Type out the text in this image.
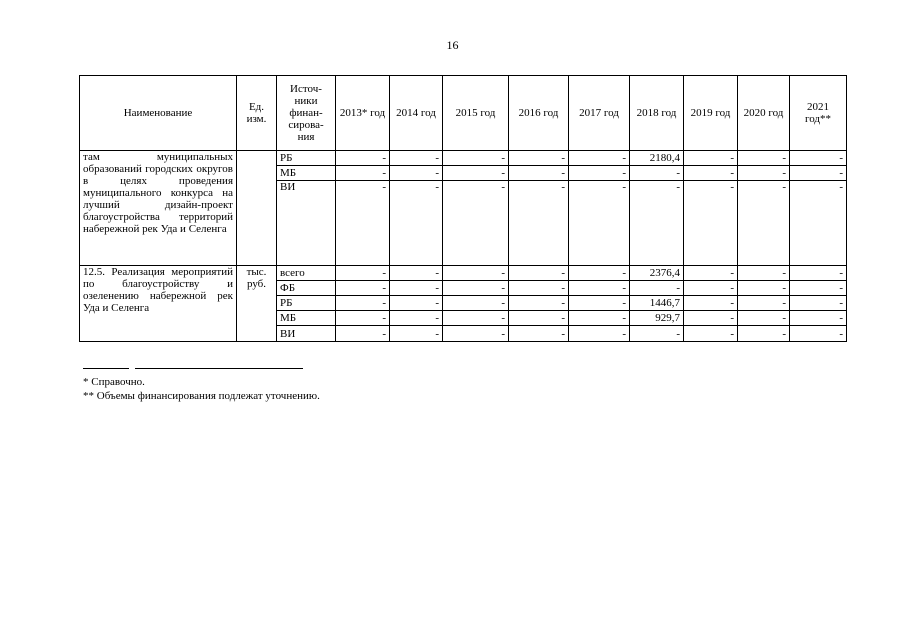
16
Наименование	Ед. изм.	Источ-ники финан-сирова-ния	2013* год	2014 год	2015 год	2016 год	2017 год	2018 год	2019 год	2020 год	2021 год**
там муниципальных образований городских округов в целях проведения муниципального конкурса на лучший дизайн-проект благоустройства территорий набережной рек Уда и Селенга		РБ	-	-	-	-	-	2180,4	-	-	-
		МБ	-	-	-	-	-	-	-	-	-
		ВИ	-	-	-	-	-	-	-	-	-
12.5. Реализация мероприятий по благоустройству и озеленению набережной рек Уда и Селенга	тыс. руб.	всего	-	-	-	-	-	2376,4	-	-	-
		ФБ	-	-	-	-	-	-	-	-	-
		РБ	-	-	-	-	-	1446,7	-	-	-
		МБ	-	-	-	-	-	929,7	-	-	-
		ВИ	-	-	-	-	-	-	-	-	-
* Справочно.
** Объемы финансирования подлежат уточнению.
